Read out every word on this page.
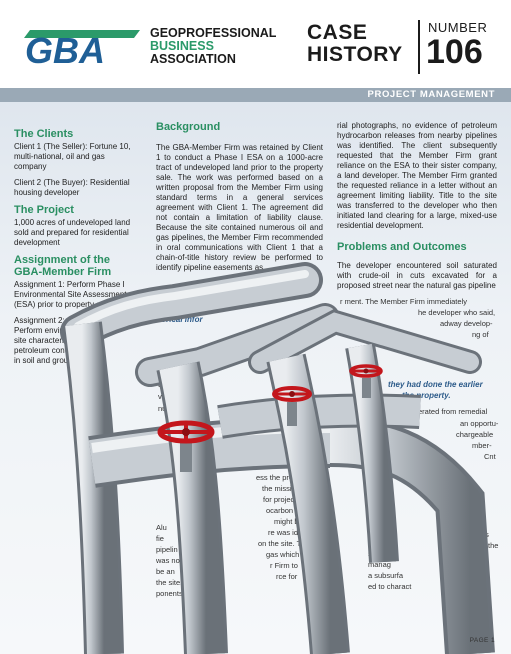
GBA	GEOPROFESSIONAL
BUSINESS
ASSOCIATION
CASE
HISTORY
NUMBER
106
PROJECT MANAGEMENT
The Clients
Client 1 (The Seller): Fortune 10, multi-national, oil and gas company
Client 2 (The Buyer): Residential housing developer
The Project
1,000 acres of undeveloped land sold and prepared for residential development
Assignment of the GBA-Member Firm
Assignment 1: Perform Phase I Environmental Site Assessment (ESA) prior to property sale
Assignment 2:
Perform environm
site characterizati
petroleum contam
in soil and ground w
Background
The GBA-Member Firm was retained by Client 1 to conduct a Phase I ESA on a 1000-acre tract of undeveloped land prior to the property sale. The work was performed based on a written proposal from the Member Firm using standard terms in a general services agreement with Client 1. The agreement did not contain a limitation of liability clause. Because the site contained numerous oil and gas pipelines, the Member Firm recommended in oral communications with Client 1 that a chain-of-title history review be performed to identify pipeline easements as
the pro
that would have
historical infor
be
to
the
vide th
nut, the cli
mpli
otal cond
er Firm.
ess the proje
the missing i
for projects
ocarbon rele
might be missed.
Alu
re was identi-
fie
on the site. The
pipelin
gas which
was no
r Firm to
be an
rce for
the site. B
ponents of the
rial photographs, no evidence of petroleum hydrocarbon releases from nearby pipelines was identified. The client subsequently requested that the Member Firm grant reliance on the ESA to their sister company, a land developer. The Member Firm granted the requested reliance in a letter without an agreement limiting liability. Title to the site was transferred to the developer who then initiated land clearing for a large, mixed-use residential development.
Problems and Outcomes
The developer encountered soil saturated with crude-oil in cuts excavated for a proposed street near the natural gas pipeline
r ment. The Member Firm immediately
he developer who said,
adway develop-
ng of
they had done the earlier
the property.
erated from remedial
an opportu-
chargeable
mber-
Cnt
addres
the
soils.
manag
a subsurfa
ed to charact
PAGE 1
